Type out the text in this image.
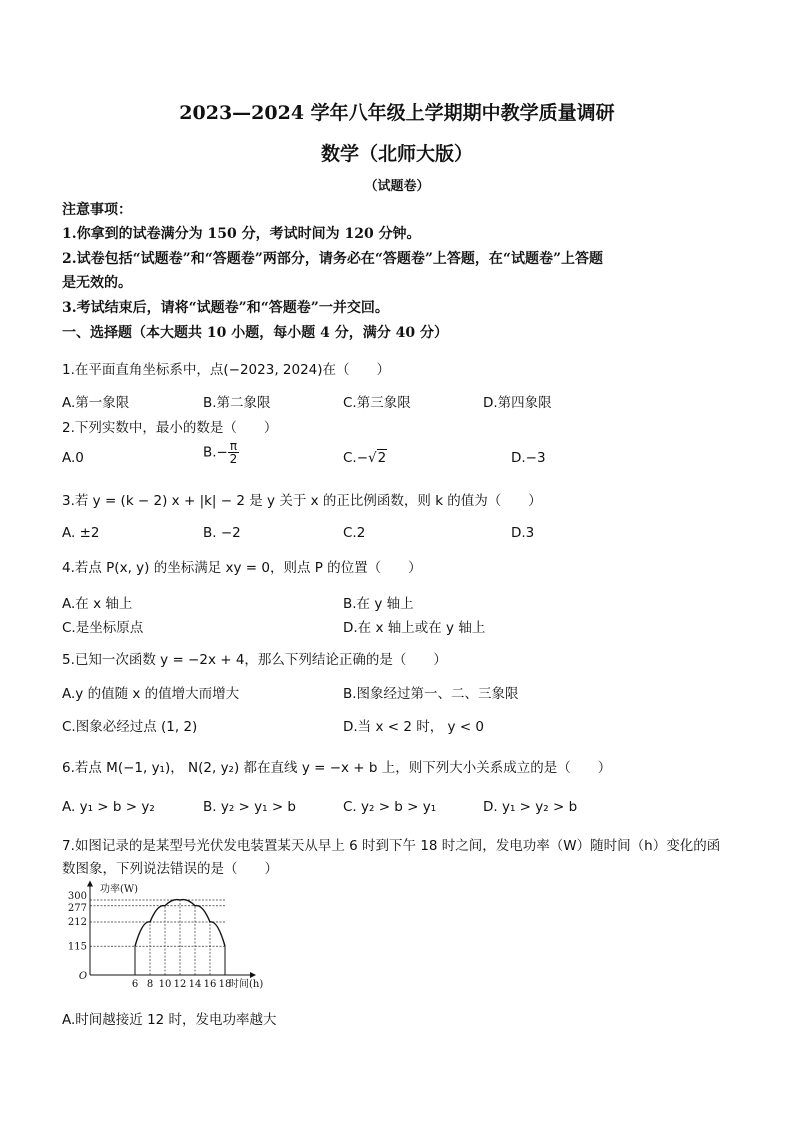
2023—2024 学年八年级上学期期中教学质量调研
数学（北师大版）
（试题卷）
注意事项：
1.你拿到的试卷满分为 150 分，考试时间为 120 分钟。
2.试卷包括“试题卷”和“答题卷”两部分，请务必在“答题卷”上答题，在“试题卷”上答题
是无效的。
3.考试结束后，请将“试题卷”和“答题卷”一并交回。
一、选择题（本大题共 10 小题，每小题 4 分，满分 40 分）
1.在平面直角坐标系中，点(−2023, 2024)在（　　）
A.第一象限	B.第二象限	C.第三象限	D.第四象限
2.下列实数中，最小的数是（　　）
A.0	$B.- \frac{\pi}{2}$	C.−√2	D.−3
3.若 y = (k − 2) x + |k| − 2 是 y 关于 x 的正比例函数，则 k 的值为（　　）
A. ±2	B. −2	C.2	D.3
4.若点 P(x, y) 的坐标满足 xy = 0，则点 P 的位置（　　）
A.在 x 轴上	B.在 y 轴上
C.是坐标原点	D.在 x 轴上或在 y 轴上
5.已知一次函数 y = −2x + 4，那么下列结论正确的是（　　）
A.y 的值随 x 的值增大而增大	B.图象经过第一、二、三象限
C.图象必经过点 (1, 2)	D.当 x < 2 时， y < 0
6.若点 M(−1, y₁)， N(2, y₂) 都在直线 y = −x + b 上，则下列大小关系成立的是（　　）
A. y₁ > b > y₂	B. y₂ > y₁ > b	C. y₂ > b > y₁	D. y₁ > y₂ > b
7.如图记录的是某型号光伏发电装置某天从早上 6 时到下午 18 时之间，发电功率（W）随时间（h）变化的函
数图象，下列说法错误的是（　　）
6 8 10 12 14 16 18
115
212
277
300
O
时间(h)
功率(W)
A.时间越接近 12 时，发电功率越大
